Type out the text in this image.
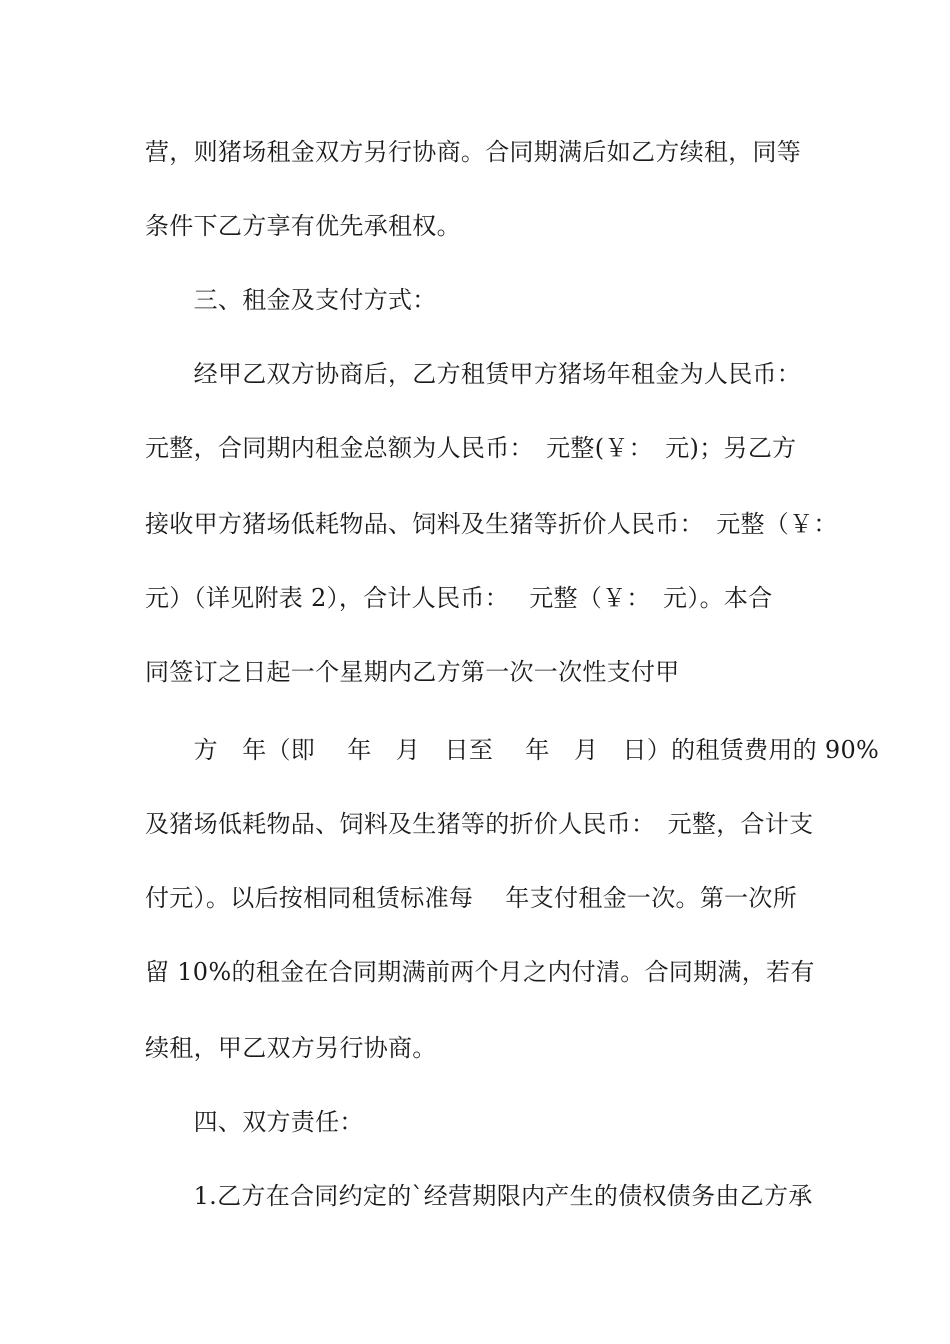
营，则猪场租金双方另行协商。合同期满后如乙方续租，同等
条件下乙方享有优先承租权。
　　三、租金及支付方式：
　　经甲乙双方协商后，乙方租赁甲方猪场年租金为人民币：
元整，合同期内租金总额为人民币：　元整(￥：　元)；另乙方
接收甲方猪场低耗物品、饲料及生猪等折价人民币：　元整（￥：
元）（详见附表 2），合计人民币：　 元整（￥：　元）。本合
同签订之日起一个星期内乙方第一次一次性支付甲
　　方　年（即　 年　月　日至　 年　月　日）的租赁费用的 90%
及猪场低耗物品、饲料及生猪等的折价人民币：　元整，合计支
付元）。以后按相同租赁标准每　 年支付租金一次。第一次所
留 10%的租金在合同期满前两个月之内付清。合同期满，若有
续租，甲乙双方另行协商。
　　四、双方责任：
　　1.乙方在合同约定的`经营期限内产生的债权债务由乙方承
